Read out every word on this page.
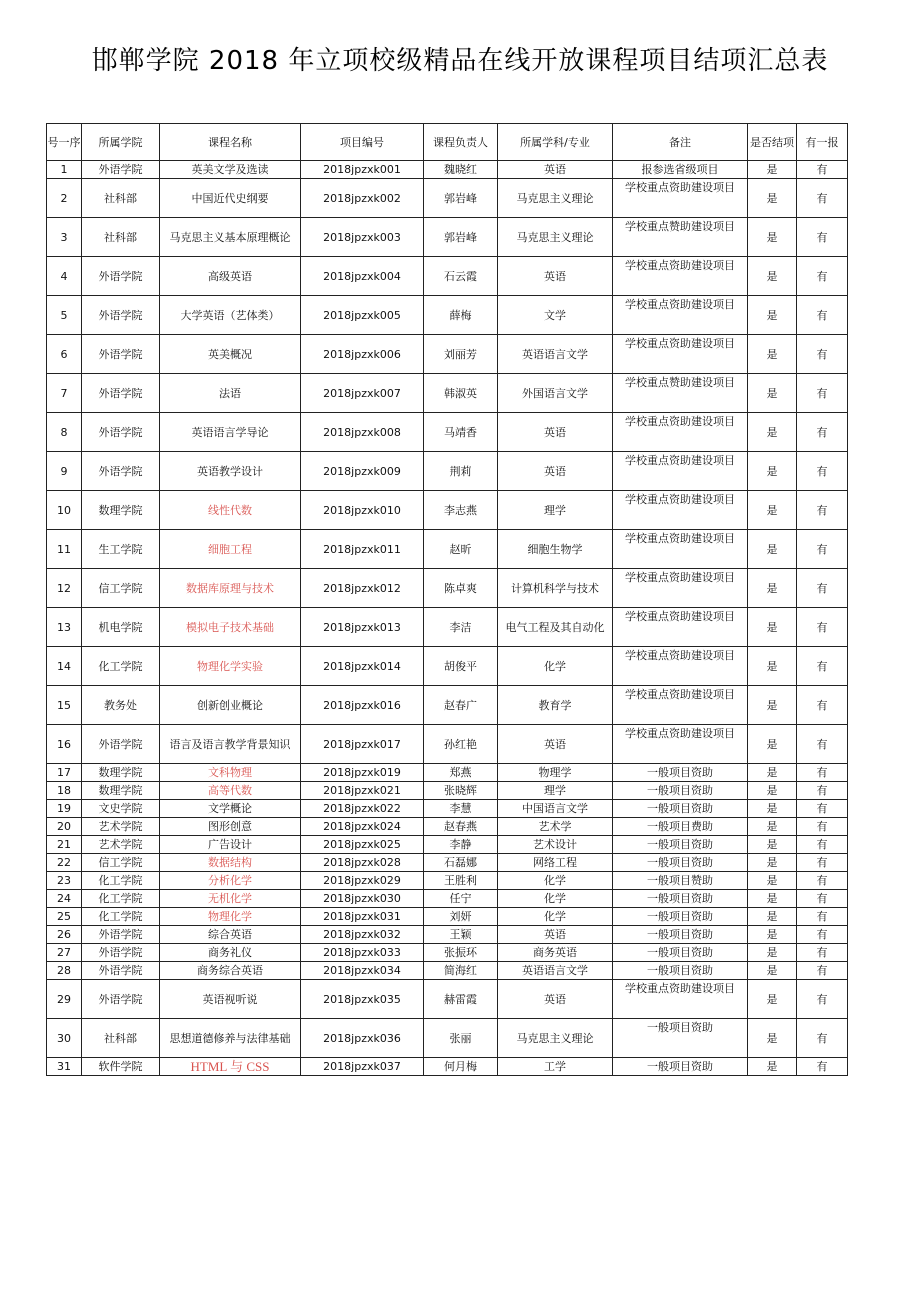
邯郸学院 2018 年立项校级精品在线开放课程项目结项汇总表
号一序	所属学院	课程名称	项目编号	课程负责人	所属学科/专业	备注	是否结项	有一报
1	外语学院	英美文学及选读	2018jpzxk001	魏晓红	英语	报参选省级项目	是	有
2	社科部	中国近代史纲要	2018jpzxk002	郭岩峰	马克思主义理论	学校重点资助建设项目	是	有
3	社科部	马克思主义基本原理概论	2018jpzxk003	郭岩峰	马克思主义理论	学校重点赞助建设项目	是	有
4	外语学院	高级英语	2018jpzxk004	石云霞	英语	学校重点资助建设项目	是	有
5	外语学院	大学英语（艺体类）	2018jpzxk005	薛梅	文学	学校重点资助建设项目	是	有
6	外语学院	英美概况	2018jpzxk006	刘丽芳	英语语言文学	学校重点资助建设项目	是	有
7	外语学院	法语	2018jpzxk007	韩淑英	外国语言文学	学校重点赞助建设项目	是	有
8	外语学院	英语语言学导论	2018jpzxk008	马靖香	英语	学校重点资助建设项目	是	有
9	外语学院	英语教学设计	2018jpzxk009	荆莉	英语	学校重点资助建设项目	是	有
10	数理学院	线性代数	2018jpzxk010	李志燕	理学	学校重点资助建设项目	是	有
11	生工学院	细胞工程	2018jpzxk011	赵昕	细胞生物学	学校重点资助建设项目	是	有
12	信工学院	数据库原理与技术	2018jpzxk012	陈卓爽	计算机科学与技术	学校重点资助建设项目	是	有
13	机电学院	模拟电子技术基础	2018jpzxk013	李洁	电气工程及其自动化	学校重点资助建设项目	是	有
14	化工学院	物理化学实验	2018jpzxk014	胡俊平	化学	学校重点资助建设项目	是	有
15	教务处	创新创业概论	2018jpzxk016	赵春广	教育学	学校重点资助建设项目	是	有
16	外语学院	语言及语言教学背景知识	2018jpzxk017	孙红艳	英语	学校重点资助建设项目	是	有
17	数理学院	文科物理	2018jpzxk019	郑燕	物理学	一般项目资助	是	有
18	数理学院	高等代数	2018jpzxk021	张晓辉	理学	一般项目资助	是	有
19	文史学院	文学概论	2018jpzxk022	李慧	中国语言文学	一般项目资助	是	有
20	艺术学院	图形创意	2018jpzxk024	赵春燕	艺术学	一般项目费助	是	有
21	艺术学院	广告设计	2018jpzxk025	李静	艺术设计	一般项目资助	是	有
22	信工学院	数据结构	2018jpzxk028	石磊娜	网络工程	一般项目资助	是	有
23	化工学院	分析化学	2018jpzxk029	王胜利	化学	一般项目赞助	是	有
24	化工学院	无机化学	2018jpzxk030	任宁	化学	一般项目资助	是	有
25	化工学院	物理化学	2018jpzxk031	刘妍	化学	一般项目资助	是	有
26	外语学院	综合英语	2018jpzxk032	王颖	英语	一般项目资助	是	有
27	外语学院	商务礼仪	2018jpzxk033	张振环	商务英语	一般项目资助	是	有
28	外语学院	商务综合英语	2018jpzxk034	简海红	英语语言文学	一般项目资助	是	有
29	外语学院	英语视听说	2018jpzxk035	赫雷霞	英语	学校重点资助建设项目	是	有
30	社科部	思想道德修养与法律基础	2018jpzxk036	张丽	马克思主义理论	一般项目资助	是	有
31	软件学院	HTML 与 CSS	2018jpzxk037	何月梅	工学	一般项目资助	是	有
